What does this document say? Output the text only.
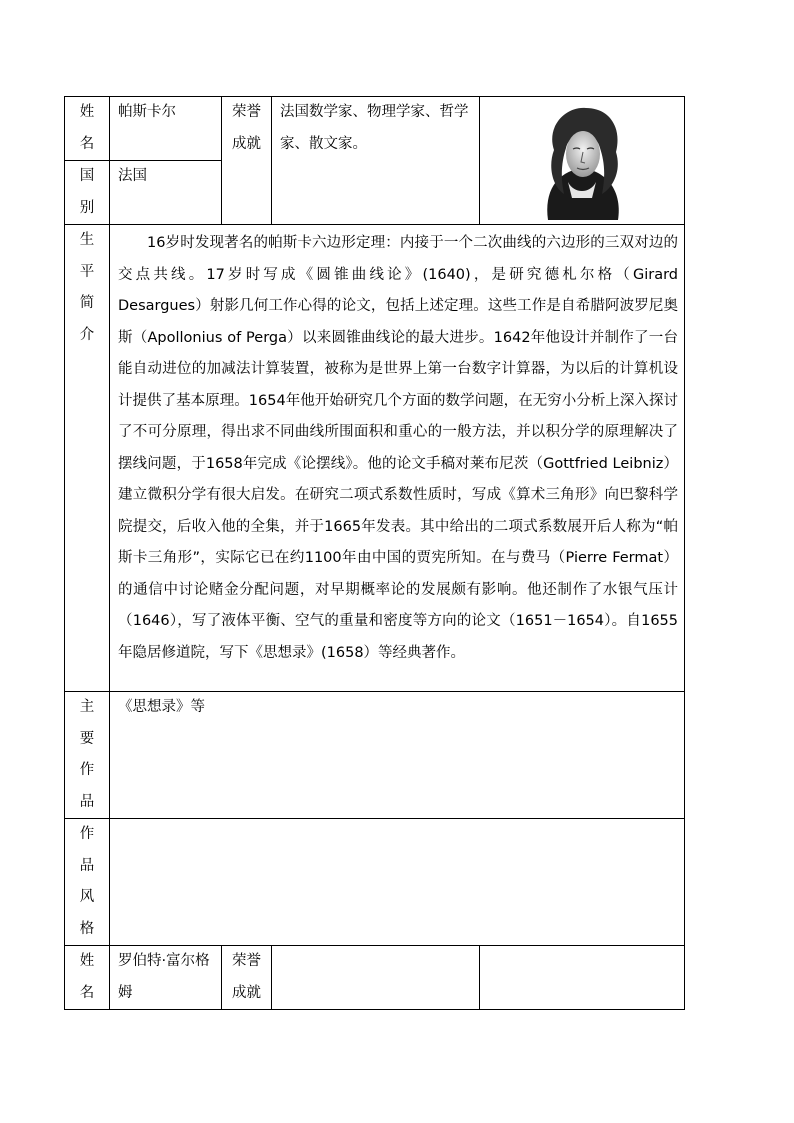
姓名	帕斯卡尔	荣誉成就	法国数学家、物理学家、哲学家、散文家。	

国别	法国			
生平简介	16岁时发现著名的帕斯卡六边形定理：内接于一个二次曲线的六边形的三双对边的交点共线。17岁时写成《圆锥曲线论》(1640)，是研究德札尔格（Girard Desargues）射影几何工作心得的论文，包括上述定理。这些工作是自希腊阿波罗尼奥斯（Apollonius of Perga）以来圆锥曲线论的最大进步。1642年他设计并制作了一台能自动进位的加减法计算装置，被称为是世界上第一台数字计算器，为以后的计算机设计提供了基本原理。1654年他开始研究几个方面的数学问题，在无穷小分析上深入探讨了不可分原理，得出求不同曲线所围面积和重心的一般方法，并以积分学的原理解决了摆线问题，于1658年完成《论摆线》。他的论文手稿对莱布尼茨（Gottfried Leibniz）建立微积分学有很大启发。在研究二项式系数性质时，写成《算术三角形》向巴黎科学院提交，后收入他的全集，并于1665年发表。其中给出的二项式系数展开后人称为“帕斯卡三角形”，实际它已在约1100年由中国的贾宪所知。在与费马（Pierre Fermat）的通信中讨论赌金分配问题，对早期概率论的发展颇有影响。他还制作了水银气压计（1646），写了液体平衡、空气的重量和密度等方向的论文（1651－1654）。自1655年隐居修道院，写下《思想录》(1658）等经典著作。			

主要作品	《思想录》等			
作品风格				
姓名	罗伯特·富尔格姆	荣誉成就		
